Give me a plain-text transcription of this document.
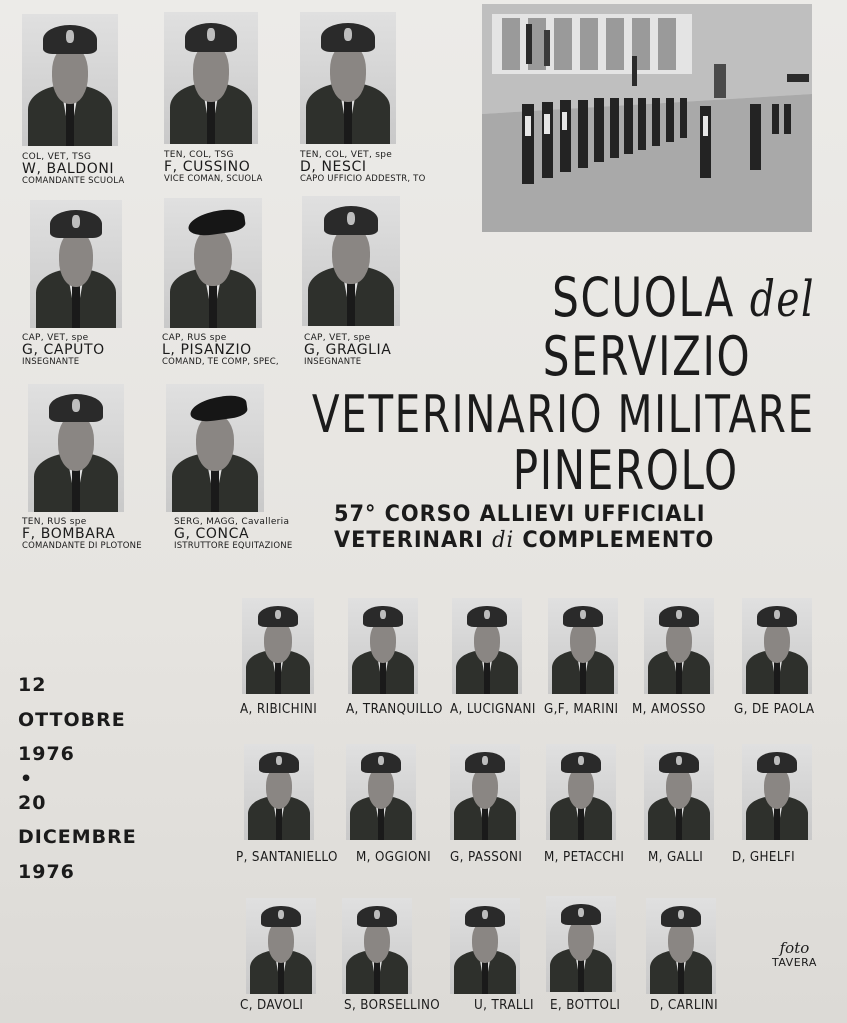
COL, VET, TSG
W, BALDONI
COMANDANTE SCUOLA
TEN, COL, TSG
F, CUSSINO
VICE COMAN, SCUOLA
TEN, COL, VET, spe
D, NESCI
CAPO UFFICIO ADDESTR, TO
CAP, VET, spe
G, CAPUTO
INSEGNANTE
CAP, RUS spe
L, PISANZIO
COMAND, TE COMP, SPEC,
CAP, VET, spe
G, GRAGLIA
INSEGNANTE
TEN, RUS spe
F, BOMBARA
COMANDANTE DI PLOTONE
SERG, MAGG, Cavalleria
G, CONCA
ISTRUTTORE EQUITAZIONE
SCUOLA del
SERVIZIO
VETERINARIO MILITARE
PINEROLO
57° CORSO ALLIEVI UFFICIALI
VETERINARI di COMPLEMENTO
12
OTTOBRE
1976
•
20
DICEMBRE
1976
A, RIBICHINI A, TRANQUILLO A, LUCIGNANI G,F, MARINI M, AMOSSO G, DE PAOLA
P, SANTANIELLO M, OGGIONI G, PASSONI M, PETACCHI M, GALLI D, GHELFI
C, DAVOLI	S, BORSELLINO	U, TRALLI E, BOTTOLI D, CARLINI
foto
TAVERA
